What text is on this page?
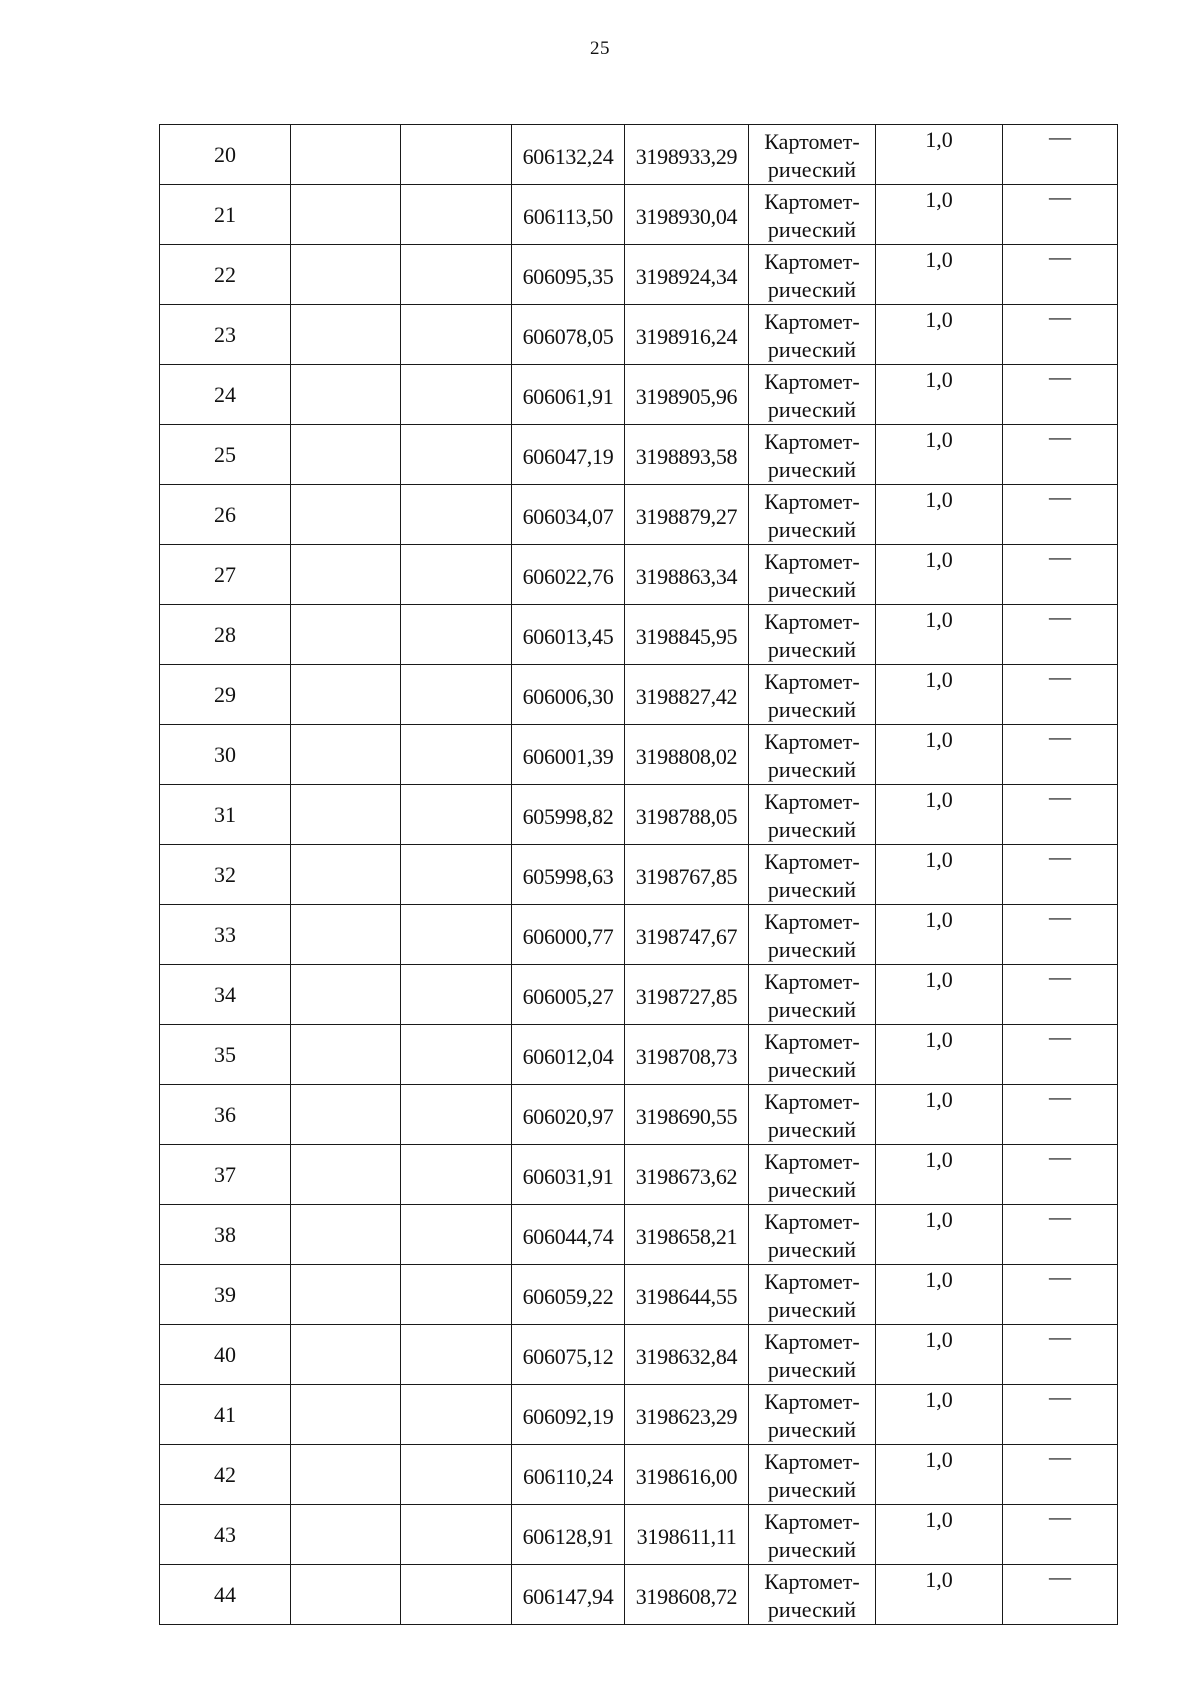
25
20			606132,24	3198933,29	Картомет-
рический	1,0	—
21			606113,50	3198930,04	Картомет-
рический	1,0	—
22			606095,35	3198924,34	Картомет-
рический	1,0	—
23			606078,05	3198916,24	Картомет-
рический	1,0	—
24			606061,91	3198905,96	Картомет-
рический	1,0	—
25			606047,19	3198893,58	Картомет-
рический	1,0	—
26			606034,07	3198879,27	Картомет-
рический	1,0	—
27			606022,76	3198863,34	Картомет-
рический	1,0	—
28			606013,45	3198845,95	Картомет-
рический	1,0	—
29			606006,30	3198827,42	Картомет-
рический	1,0	—
30			606001,39	3198808,02	Картомет-
рический	1,0	—
31			605998,82	3198788,05	Картомет-
рический	1,0	—
32			605998,63	3198767,85	Картомет-
рический	1,0	—
33			606000,77	3198747,67	Картомет-
рический	1,0	—
34			606005,27	3198727,85	Картомет-
рический	1,0	—
35			606012,04	3198708,73	Картомет-
рический	1,0	—
36			606020,97	3198690,55	Картомет-
рический	1,0	—
37			606031,91	3198673,62	Картомет-
рический	1,0	—
38			606044,74	3198658,21	Картомет-
рический	1,0	—
39			606059,22	3198644,55	Картомет-
рический	1,0	—
40			606075,12	3198632,84	Картомет-
рический	1,0	—
41			606092,19	3198623,29	Картомет-
рический	1,0	—
42			606110,24	3198616,00	Картомет-
рический	1,0	—
43			606128,91	3198611,11	Картомет-
рический	1,0	—
44			606147,94	3198608,72	Картомет-
рический	1,0	—
